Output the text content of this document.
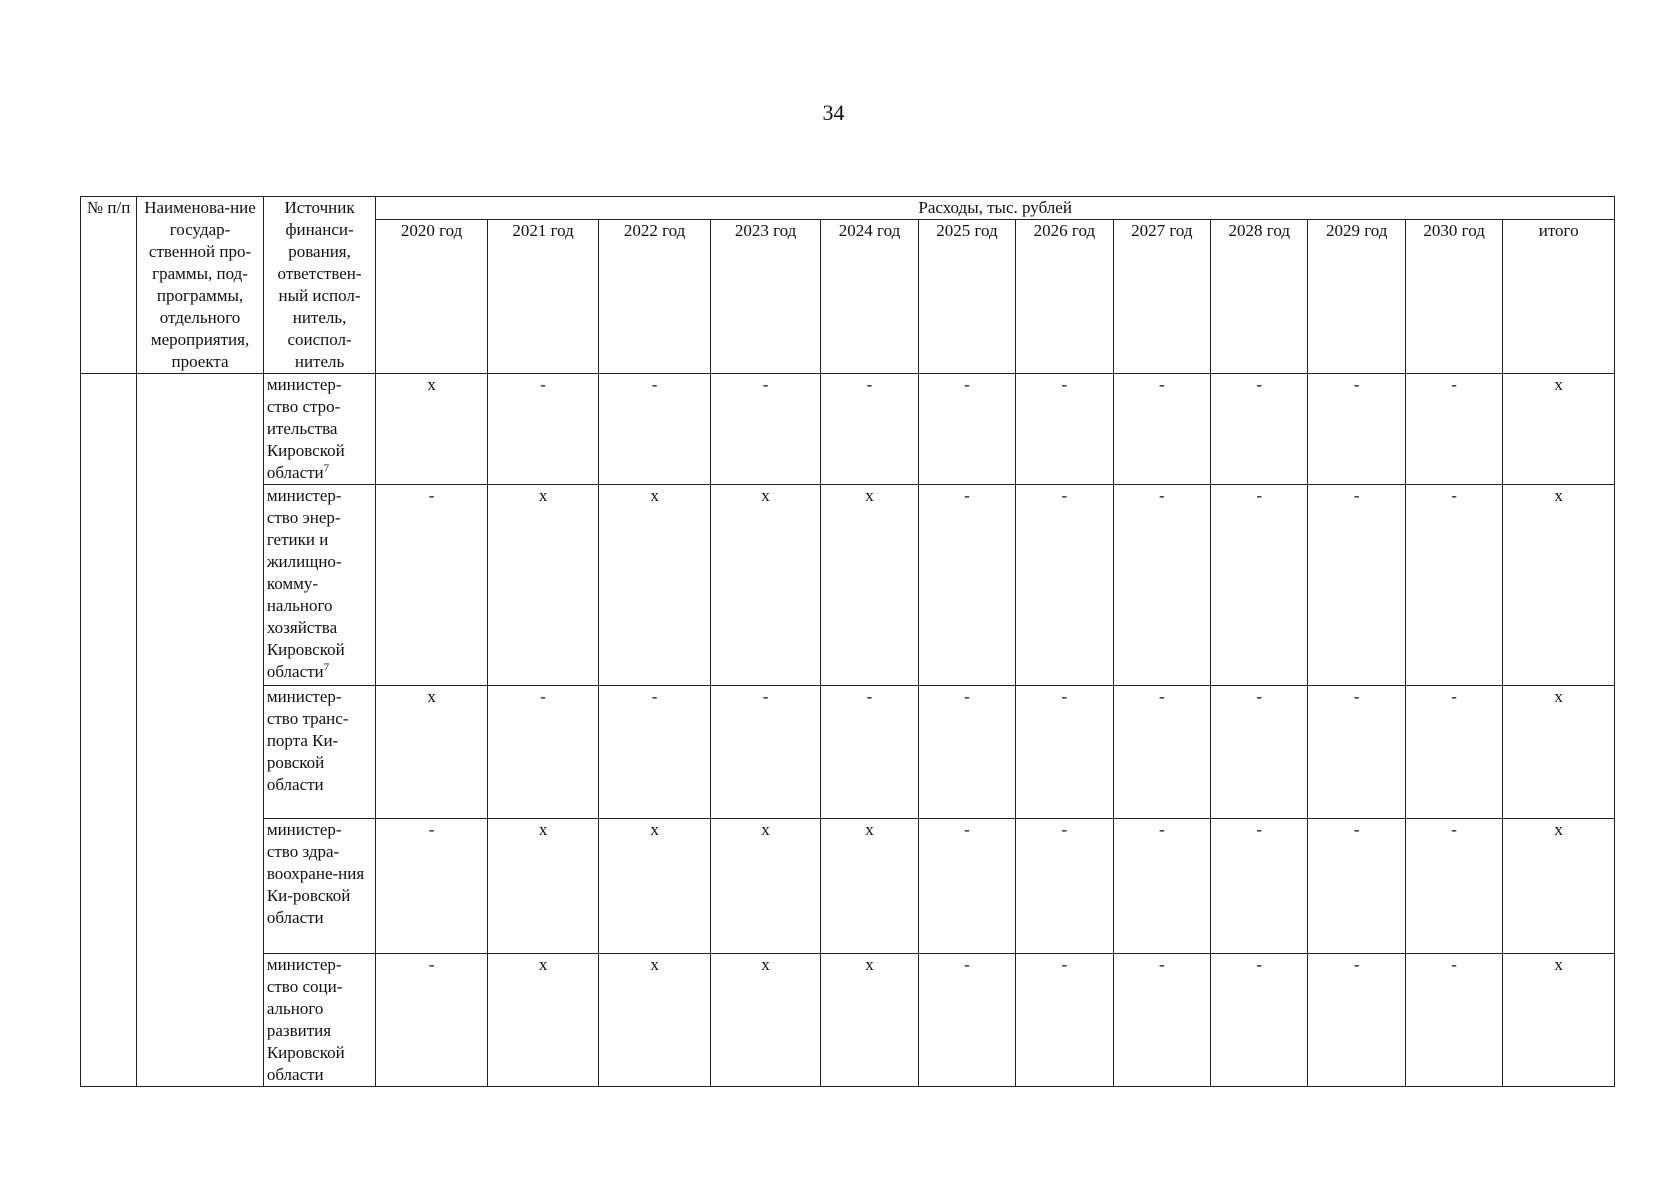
34
№ п/п	Наименова-ние государ-ственной про-граммы, под-программы, отдельного мероприятия, проекта	Источник финанси-рования, ответствен-ный испол-нитель, соиспол-нитель	Расходы, тыс. рублей											
			2020 год	2021 год	2022 год	2023 год	2024 год	2025 год	2026 год	2027 год	2028 год	2029 год	2030 год	итого
		министер-ство стро-ительства Кировской области$^7$	x	-	-	-	-	-	-	-	-	-	-	x
		министер-ство энер-гетики и жилищно-комму-нального хозяйства Кировской области$^7$	-	x	x	x	x	-	-	-	-	-	-	x
		министер-ство транс-порта Ки-ровской области	x	-	-	-	-	-	-	-	-	-	-	x
		министер-ство здра-воохране-ния Ки-ровской области	-	x	x	x	x	-	-	-	-	-	-	x
		министер-ство соци-ального развития Кировской области	-	x	x	x	x	-	-	-	-	-	-	x
